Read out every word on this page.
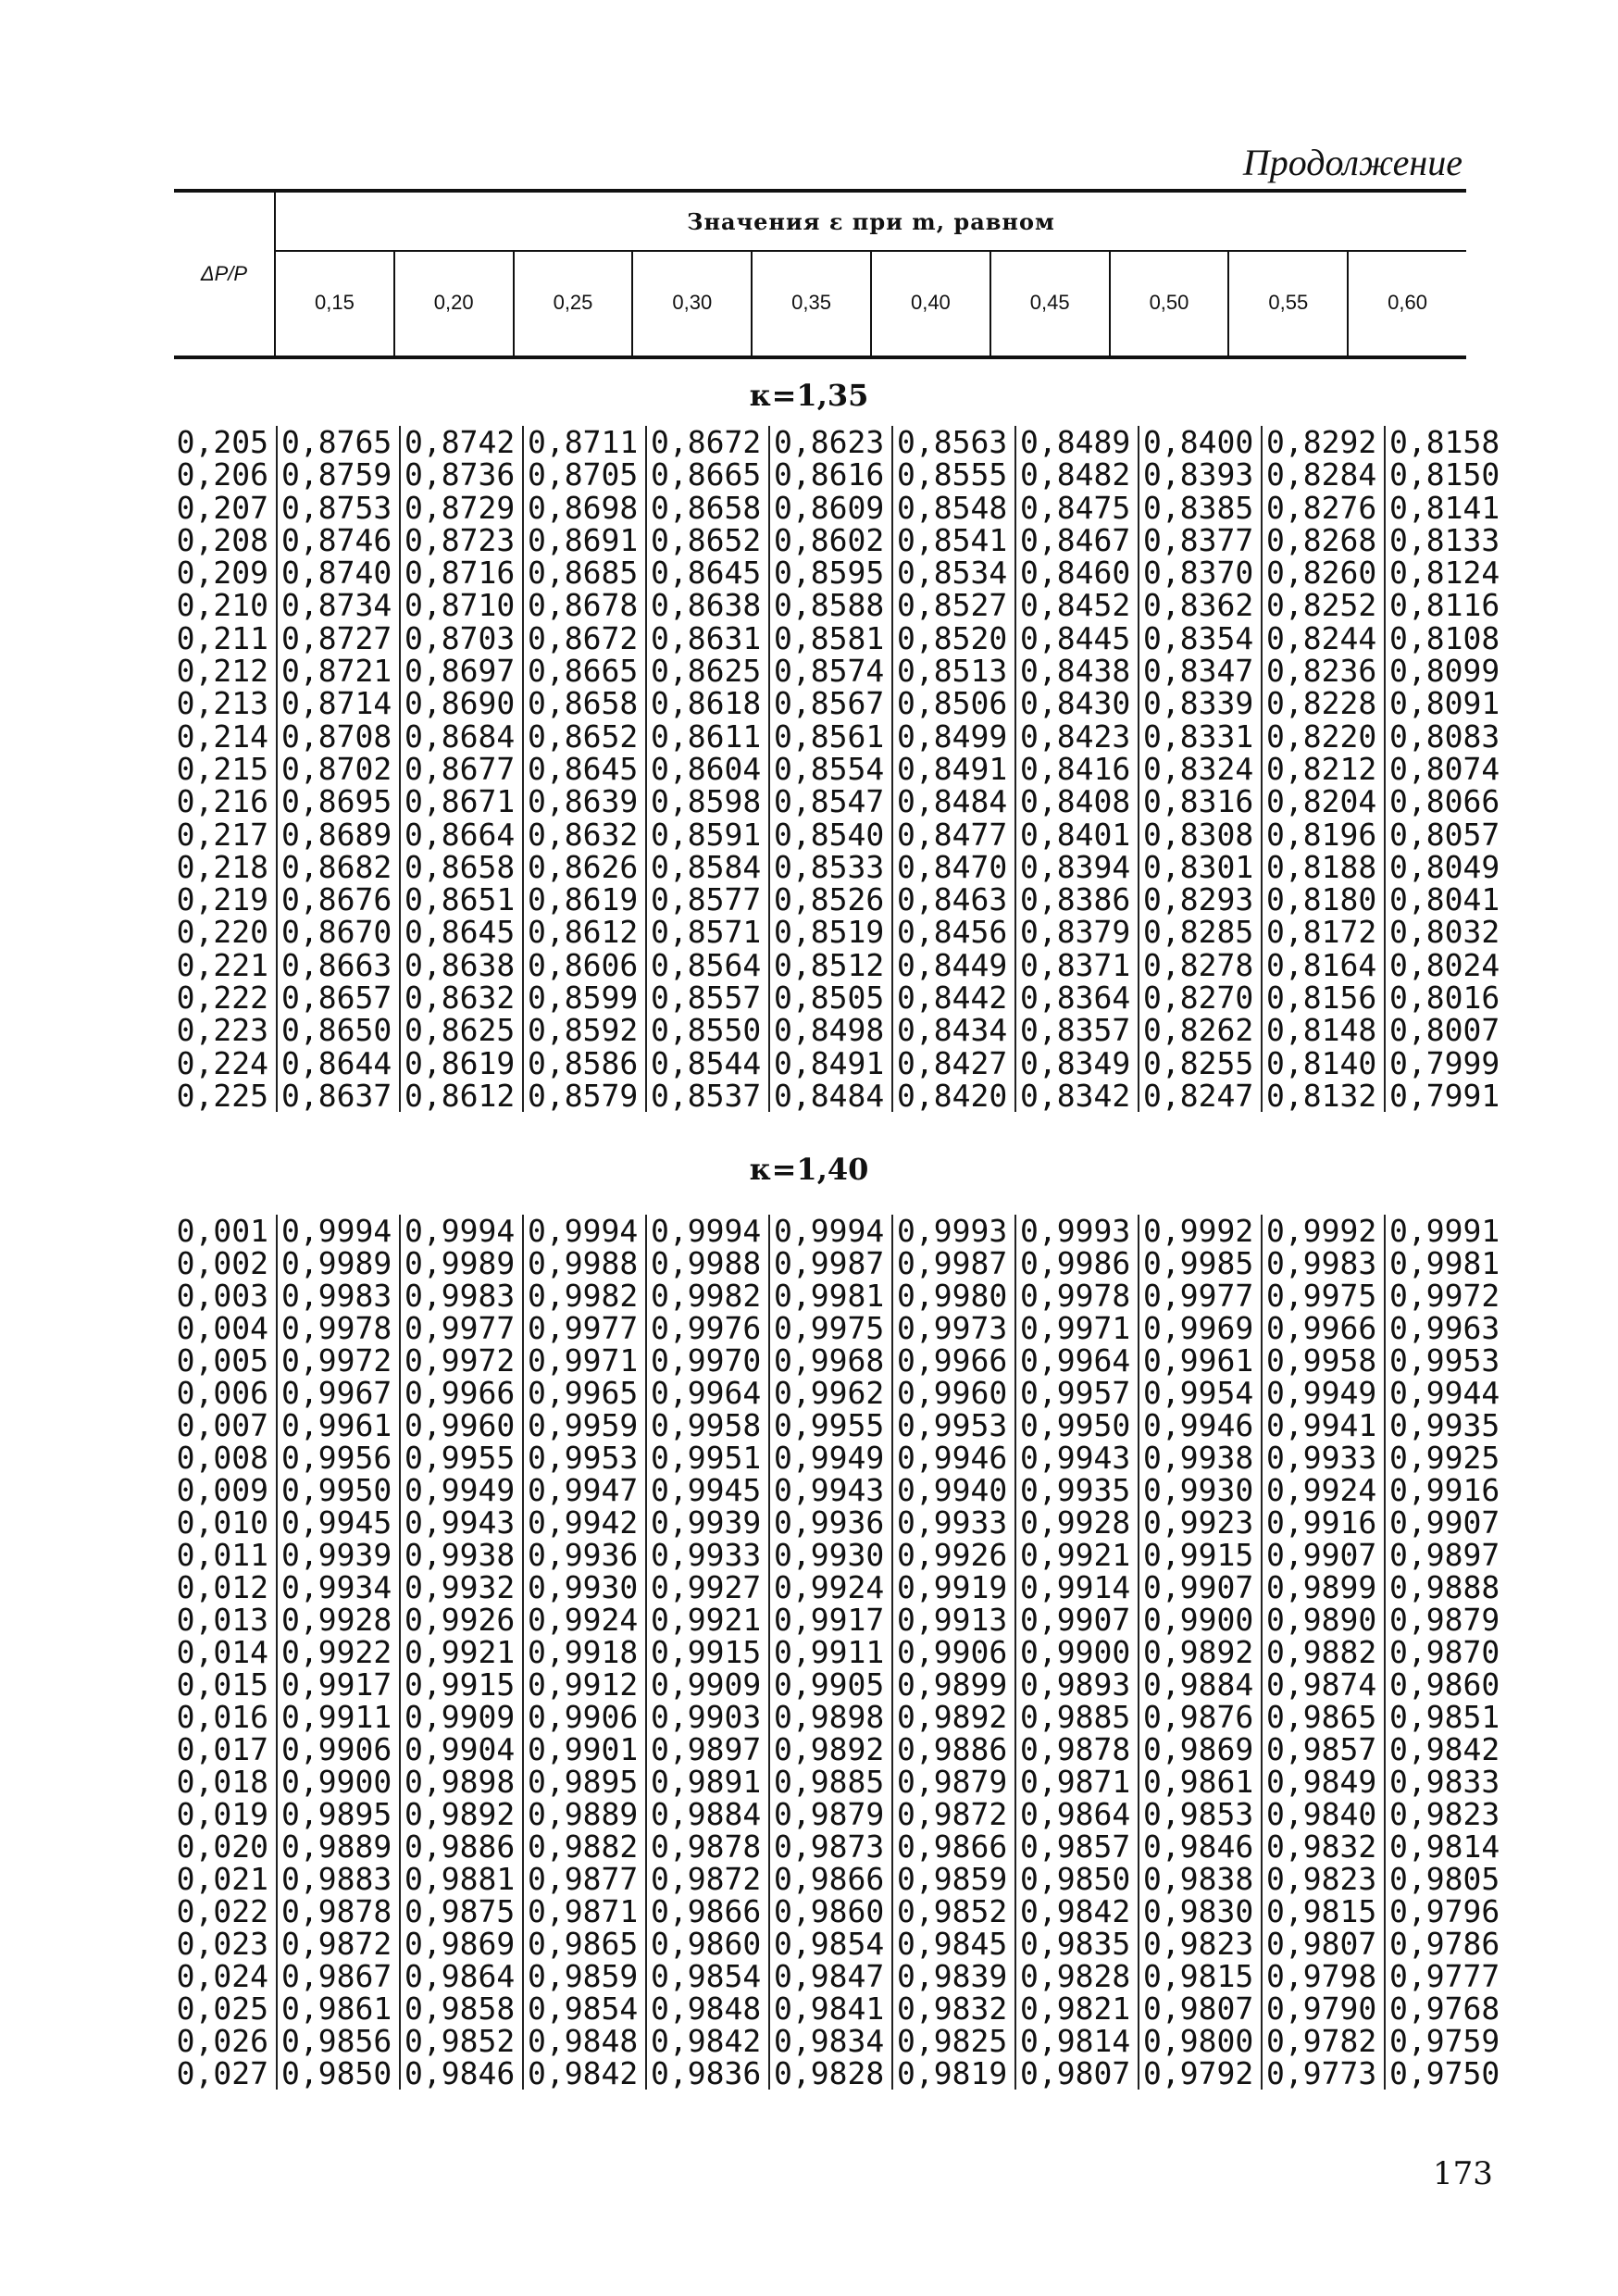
Продолжение
ΔP/P
Значения ε при m, равном
0,15	0,20	0,25	0,30	0,35	0,40	0,45	0,50	0,55	0,60
κ=1,35
0,205 0,8765 0,8742 0,8711 0,8672 0,8623 0,8563 0,8489 0,8400 0,8292 0,8158
0,206 0,8759 0,8736 0,8705 0,8665 0,8616 0,8555 0,8482 0,8393 0,8284 0,8150
0,207 0,8753 0,8729 0,8698 0,8658 0,8609 0,8548 0,8475 0,8385 0,8276 0,8141
0,208 0,8746 0,8723 0,8691 0,8652 0,8602 0,8541 0,8467 0,8377 0,8268 0,8133
0,209 0,8740 0,8716 0,8685 0,8645 0,8595 0,8534 0,8460 0,8370 0,8260 0,8124
0,210 0,8734 0,8710 0,8678 0,8638 0,8588 0,8527 0,8452 0,8362 0,8252 0,8116
0,211 0,8727 0,8703 0,8672 0,8631 0,8581 0,8520 0,8445 0,8354 0,8244 0,8108
0,212 0,8721 0,8697 0,8665 0,8625 0,8574 0,8513 0,8438 0,8347 0,8236 0,8099
0,213 0,8714 0,8690 0,8658 0,8618 0,8567 0,8506 0,8430 0,8339 0,8228 0,8091
0,214 0,8708 0,8684 0,8652 0,8611 0,8561 0,8499 0,8423 0,8331 0,8220 0,8083
0,215 0,8702 0,8677 0,8645 0,8604 0,8554 0,8491 0,8416 0,8324 0,8212 0,8074
0,216 0,8695 0,8671 0,8639 0,8598 0,8547 0,8484 0,8408 0,8316 0,8204 0,8066
0,217 0,8689 0,8664 0,8632 0,8591 0,8540 0,8477 0,8401 0,8308 0,8196 0,8057
0,218 0,8682 0,8658 0,8626 0,8584 0,8533 0,8470 0,8394 0,8301 0,8188 0,8049
0,219 0,8676 0,8651 0,8619 0,8577 0,8526 0,8463 0,8386 0,8293 0,8180 0,8041
0,220 0,8670 0,8645 0,8612 0,8571 0,8519 0,8456 0,8379 0,8285 0,8172 0,8032
0,221 0,8663 0,8638 0,8606 0,8564 0,8512 0,8449 0,8371 0,8278 0,8164 0,8024
0,222 0,8657 0,8632 0,8599 0,8557 0,8505 0,8442 0,8364 0,8270 0,8156 0,8016
0,223 0,8650 0,8625 0,8592 0,8550 0,8498 0,8434 0,8357 0,8262 0,8148 0,8007
0,224 0,8644 0,8619 0,8586 0,8544 0,8491 0,8427 0,8349 0,8255 0,8140 0,7999
0,225 0,8637 0,8612 0,8579 0,8537 0,8484 0,8420 0,8342 0,8247 0,8132 0,7991
κ=1,40
0,001 0,9994 0,9994 0,9994 0,9994 0,9994 0,9993 0,9993 0,9992 0,9992 0,9991
0,002 0,9989 0,9989 0,9988 0,9988 0,9987 0,9987 0,9986 0,9985 0,9983 0,9981
0,003 0,9983 0,9983 0,9982 0,9982 0,9981 0,9980 0,9978 0,9977 0,9975 0,9972
0,004 0,9978 0,9977 0,9977 0,9976 0,9975 0,9973 0,9971 0,9969 0,9966 0,9963
0,005 0,9972 0,9972 0,9971 0,9970 0,9968 0,9966 0,9964 0,9961 0,9958 0,9953
0,006 0,9967 0,9966 0,9965 0,9964 0,9962 0,9960 0,9957 0,9954 0,9949 0,9944
0,007 0,9961 0,9960 0,9959 0,9958 0,9955 0,9953 0,9950 0,9946 0,9941 0,9935
0,008 0,9956 0,9955 0,9953 0,9951 0,9949 0,9946 0,9943 0,9938 0,9933 0,9925
0,009 0,9950 0,9949 0,9947 0,9945 0,9943 0,9940 0,9935 0,9930 0,9924 0,9916
0,010 0,9945 0,9943 0,9942 0,9939 0,9936 0,9933 0,9928 0,9923 0,9916 0,9907
0,011 0,9939 0,9938 0,9936 0,9933 0,9930 0,9926 0,9921 0,9915 0,9907 0,9897
0,012 0,9934 0,9932 0,9930 0,9927 0,9924 0,9919 0,9914 0,9907 0,9899 0,9888
0,013 0,9928 0,9926 0,9924 0,9921 0,9917 0,9913 0,9907 0,9900 0,9890 0,9879
0,014 0,9922 0,9921 0,9918 0,9915 0,9911 0,9906 0,9900 0,9892 0,9882 0,9870
0,015 0,9917 0,9915 0,9912 0,9909 0,9905 0,9899 0,9893 0,9884 0,9874 0,9860
0,016 0,9911 0,9909 0,9906 0,9903 0,9898 0,9892 0,9885 0,9876 0,9865 0,9851
0,017 0,9906 0,9904 0,9901 0,9897 0,9892 0,9886 0,9878 0,9869 0,9857 0,9842
0,018 0,9900 0,9898 0,9895 0,9891 0,9885 0,9879 0,9871 0,9861 0,9849 0,9833
0,019 0,9895 0,9892 0,9889 0,9884 0,9879 0,9872 0,9864 0,9853 0,9840 0,9823
0,020 0,9889 0,9886 0,9882 0,9878 0,9873 0,9866 0,9857 0,9846 0,9832 0,9814
0,021 0,9883 0,9881 0,9877 0,9872 0,9866 0,9859 0,9850 0,9838 0,9823 0,9805
0,022 0,9878 0,9875 0,9871 0,9866 0,9860 0,9852 0,9842 0,9830 0,9815 0,9796
0,023 0,9872 0,9869 0,9865 0,9860 0,9854 0,9845 0,9835 0,9823 0,9807 0,9786
0,024 0,9867 0,9864 0,9859 0,9854 0,9847 0,9839 0,9828 0,9815 0,9798 0,9777
0,025 0,9861 0,9858 0,9854 0,9848 0,9841 0,9832 0,9821 0,9807 0,9790 0,9768
0,026 0,9856 0,9852 0,9848 0,9842 0,9834 0,9825 0,9814 0,9800 0,9782 0,9759
0,027 0,9850 0,9846 0,9842 0,9836 0,9828 0,9819 0,9807 0,9792 0,9773 0,9750
173
